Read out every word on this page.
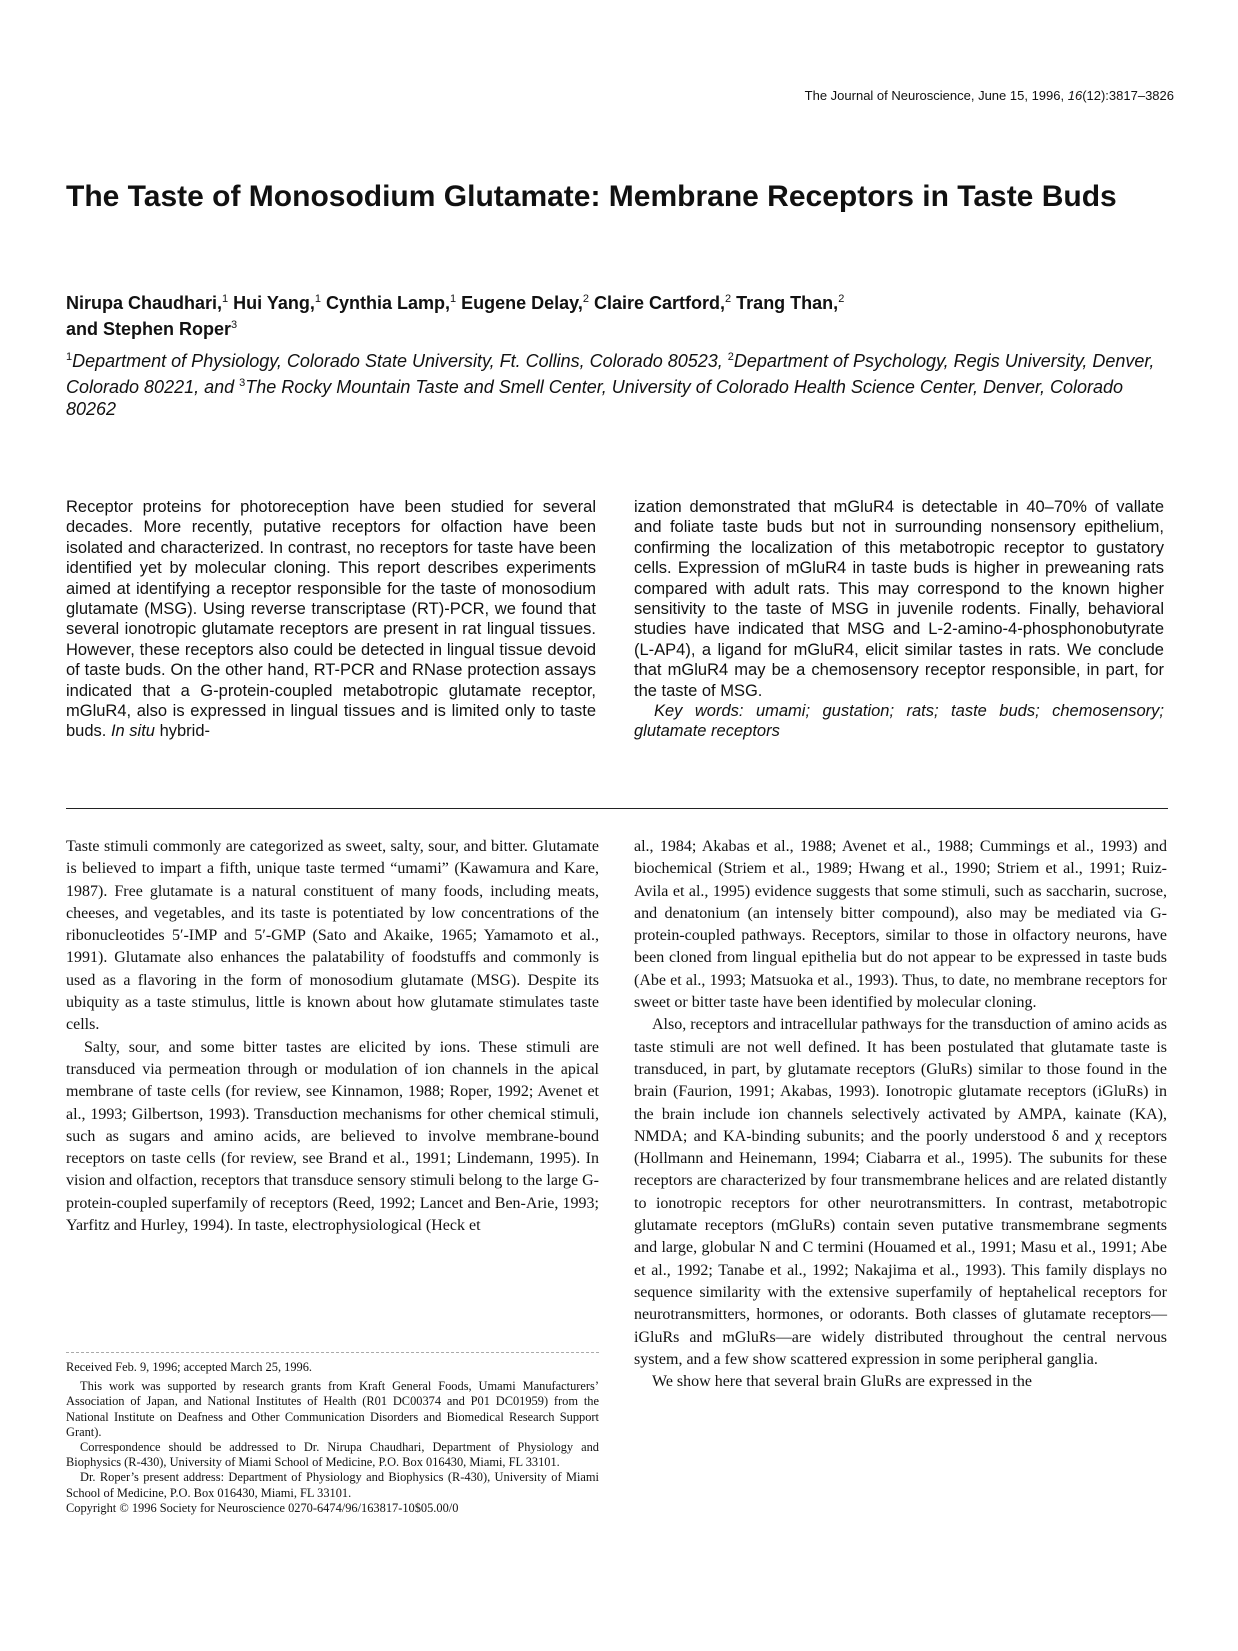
The Journal of Neuroscience, June 15, 1996, 16(12):3817–3826
The Taste of Monosodium Glutamate: Membrane Receptors in Taste Buds
Nirupa Chaudhari,$^1$ Hui Yang,$^1$ Cynthia Lamp,$^1$ Eugene Delay,$^2$ Claire Cartford,$^2$ Trang Than,$^2$
and Stephen Roper$^3$
$^1$Department of Physiology, Colorado State University, Ft. Collins, Colorado 80523, $^2$Department of Psychology, Regis University, Denver, Colorado 80221, and $^3$The Rocky Mountain Taste and Smell Center, University of Colorado Health Science Center, Denver, Colorado 80262

Receptor proteins for photoreception have been studied for several decades. More recently, putative receptors for olfaction have been isolated and characterized. In contrast, no receptors for taste have been identified yet by molecular cloning. This report describes experiments aimed at identifying a receptor responsible for the taste of monosodium glutamate (MSG). Using reverse transcriptase (RT)-PCR, we found that several ionotropic glutamate receptors are present in rat lingual tissues. However, these receptors also could be detected in lingual tissue devoid of taste buds. On the other hand, RT-PCR and RNase protection assays indicated that a G-protein-coupled metabotropic glutamate receptor, mGluR4, also is expressed in lingual tissues and is limited only to taste buds. In situ hybrid-

ization demonstrated that mGluR4 is detectable in 40–70% of vallate and foliate taste buds but not in surrounding nonsensory epithelium, confirming the localization of this metabotropic receptor to gustatory cells. Expression of mGluR4 in taste buds is higher in preweaning rats compared with adult rats. This may correspond to the known higher sensitivity to the taste of MSG in juvenile rodents. Finally, behavioral studies have indicated that MSG and L-2-amino-4-phosphonobutyrate (L-AP4), a ligand for mGluR4, elicit similar tastes in rats. We conclude that mGluR4 may be a chemosensory receptor responsible, in part, for the taste of MSG.

Key words: umami; gustation; rats; taste buds; chemosensory; glutamate receptors

Taste stimuli commonly are categorized as sweet, salty, sour, and bitter. Glutamate is believed to impart a fifth, unique taste termed “umami” (Kawamura and Kare, 1987). Free glutamate is a natural constituent of many foods, including meats, cheeses, and vegetables, and its taste is potentiated by low concentrations of the ribonucleotides 5′-IMP and 5′-GMP (Sato and Akaike, 1965; Yamamoto et al., 1991). Glutamate also enhances the palatability of foodstuffs and commonly is used as a flavoring in the form of monosodium glutamate (MSG). Despite its ubiquity as a taste stimulus, little is known about how glutamate stimulates taste cells.

Salty, sour, and some bitter tastes are elicited by ions. These stimuli are transduced via permeation through or modulation of ion channels in the apical membrane of taste cells (for review, see Kinnamon, 1988; Roper, 1992; Avenet et al., 1993; Gilbertson, 1993). Transduction mechanisms for other chemical stimuli, such as sugars and amino acids, are believed to involve membrane-bound receptors on taste cells (for review, see Brand et al., 1991; Lindemann, 1995). In vision and olfaction, receptors that transduce sensory stimuli belong to the large G-protein-coupled superfamily of receptors (Reed, 1992; Lancet and Ben-Arie, 1993; Yarfitz and Hurley, 1994). In taste, electrophysiological (Heck et

Received Feb. 9, 1996; accepted March 25, 1996.

This work was supported by research grants from Kraft General Foods, Umami Manufacturers’ Association of Japan, and National Institutes of Health (R01 DC00374 and P01 DC01959) from the National Institute on Deafness and Other Communication Disorders and Biomedical Research Support Grant).

Correspondence should be addressed to Dr. Nirupa Chaudhari, Department of Physiology and Biophysics (R-430), University of Miami School of Medicine, P.O. Box 016430, Miami, FL 33101.

Dr. Roper’s present address: Department of Physiology and Biophysics (R-430), University of Miami School of Medicine, P.O. Box 016430, Miami, FL 33101.

Copyright © 1996 Society for Neuroscience 0270-6474/96/163817-10$05.00/0

al., 1984; Akabas et al., 1988; Avenet et al., 1988; Cummings et al., 1993) and biochemical (Striem et al., 1989; Hwang et al., 1990; Striem et al., 1991; Ruiz-Avila et al., 1995) evidence suggests that some stimuli, such as saccharin, sucrose, and denatonium (an intensely bitter compound), also may be mediated via G-protein-coupled pathways. Receptors, similar to those in olfactory neurons, have been cloned from lingual epithelia but do not appear to be expressed in taste buds (Abe et al., 1993; Matsuoka et al., 1993). Thus, to date, no membrane receptors for sweet or bitter taste have been identified by molecular cloning.

Also, receptors and intracellular pathways for the transduction of amino acids as taste stimuli are not well defined. It has been postulated that glutamate taste is transduced, in part, by glutamate receptors (GluRs) similar to those found in the brain (Faurion, 1991; Akabas, 1993). Ionotropic glutamate receptors (iGluRs) in the brain include ion channels selectively activated by AMPA, kainate (KA), NMDA; and KA-binding subunits; and the poorly understood δ and χ receptors (Hollmann and Heinemann, 1994; Ciabarra et al., 1995). The subunits for these receptors are characterized by four transmembrane helices and are related distantly to ionotropic receptors for other neurotransmitters. In contrast, metabotropic glutamate receptors (mGluRs) contain seven putative transmembrane segments and large, globular N and C termini (Houamed et al., 1991; Masu et al., 1991; Abe et al., 1992; Tanabe et al., 1992; Nakajima et al., 1993). This family displays no sequence similarity with the extensive superfamily of heptahelical receptors for neurotransmitters, hormones, or odorants. Both classes of glutamate receptors—iGluRs and mGluRs—are widely distributed throughout the central nervous system, and a few show scattered expression in some peripheral ganglia.

We show here that several brain GluRs are expressed in the
